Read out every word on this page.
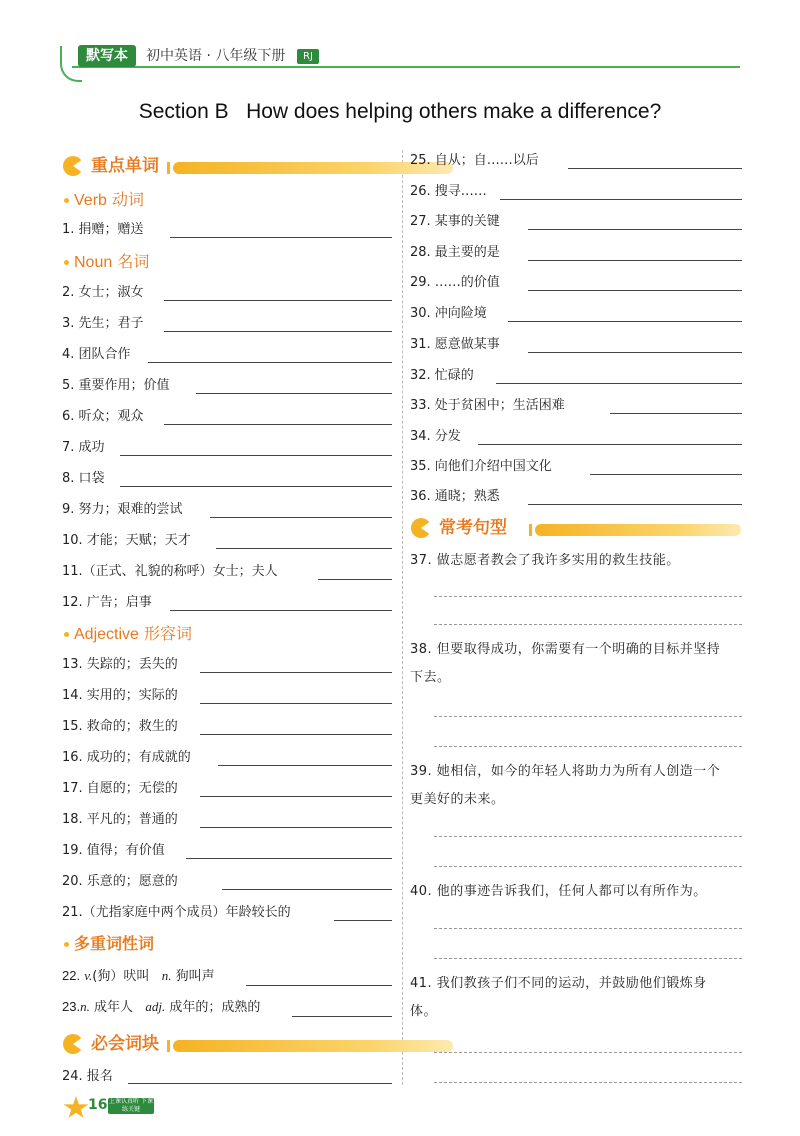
默写本	初中英语 · 八年级下册	RJ
Section B   How does helping others make a difference?
重点单词
Verb 动词
1. 捐赠；赠送
2. 女士；淑女
3. 先生；君子
4. 团队合作
5. 重要作用；价值
6. 听众；观众
7. 成功
8. 口袋
9. 努力；艰难的尝试
10. 才能；天赋；天才
11.（正式、礼貌的称呼）女士；夫人
12. 广告；启事
13. 失踪的；丢失的
14. 实用的；实际的
15. 救命的；救生的
16. 成功的；有成就的
17. 自愿的；无偿的
18. 平凡的；普通的
19. 值得；有价值
20. 乐意的；愿意的
21.（尤指家庭中两个成员）年龄较长的
Noun 名词
Adjective 形容词
多重词性词
22. v.(狗）吠叫 n. 狗叫声
23.n. 成年人 adj. 成年的；成熟的
必会词块
24. 报名
25. 自从；自……以后
26. 搜寻……
27. 某事的关键
28. 最主要的是
29. ……的价值
30. 冲向险境
31. 愿意做某事
32. 忙碌的
33. 处于贫困中；生活困难
34. 分发
35. 向他们介绍中国文化
36. 通晓；熟悉
常考句型
37. 做志愿者教会了我许多实用的救生技能。
38. 但要取得成功，你需要有一个明确的目标并坚持下去。
39. 她相信，如今的年轻人将助力为所有人创造一个更美好的未来。
40. 他的事迹告诉我们，任何人都可以有所作为。
41. 我们教孩子们不同的运动，并鼓励他们锻炼身体。
16 上课认真听 下课练关键
